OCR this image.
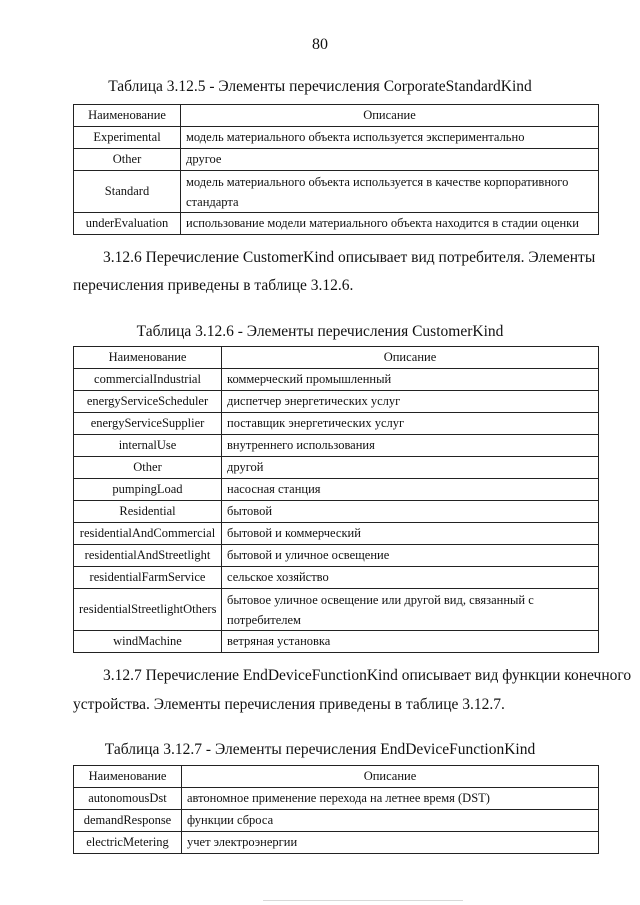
80
Таблица 3.12.5 - Элементы перечисления CorporateStandardKind
Наименование	Описание
Experimental	модель материального объекта используется экспериментально
Other	другое
Standard	модель материального объекта используется в качестве корпоративного стандарта
underEvaluation	использование модели материального объекта находится в стадии оценки
3.12.6 Перечисление CustomerKind описывает вид потребителя. Элементы
перечисления приведены в таблице 3.12.6.
Таблица 3.12.6 - Элементы перечисления CustomerKind
Наименование	Описание
commercialIndustrial	коммерческий промышленный
energyServiceScheduler	диспетчер энергетических услуг
energyServiceSupplier	поставщик энергетических услуг
internalUse	внутреннего использования
Other	другой
pumpingLoad	насосная станция
Residential	бытовой
residentialAndCommercial	бытовой и коммерческий
residentialAndStreetlight	бытовой и уличное освещение
residentialFarmService	сельское хозяйство
residentialStreetlightOthers	бытовое уличное освещение или другой вид, связанный с потребителем
windMachine	ветряная установка
3.12.7 Перечисление EndDeviceFunctionKind описывает вид функции конечного
устройства. Элементы перечисления приведены в таблице 3.12.7.
Таблица 3.12.7 - Элементы перечисления EndDeviceFunctionKind
Наименование	Описание
autonomousDst	автономное применение перехода на летнее время (DST)
demandResponse	функции сброса
electricMetering	учет электроэнергии
